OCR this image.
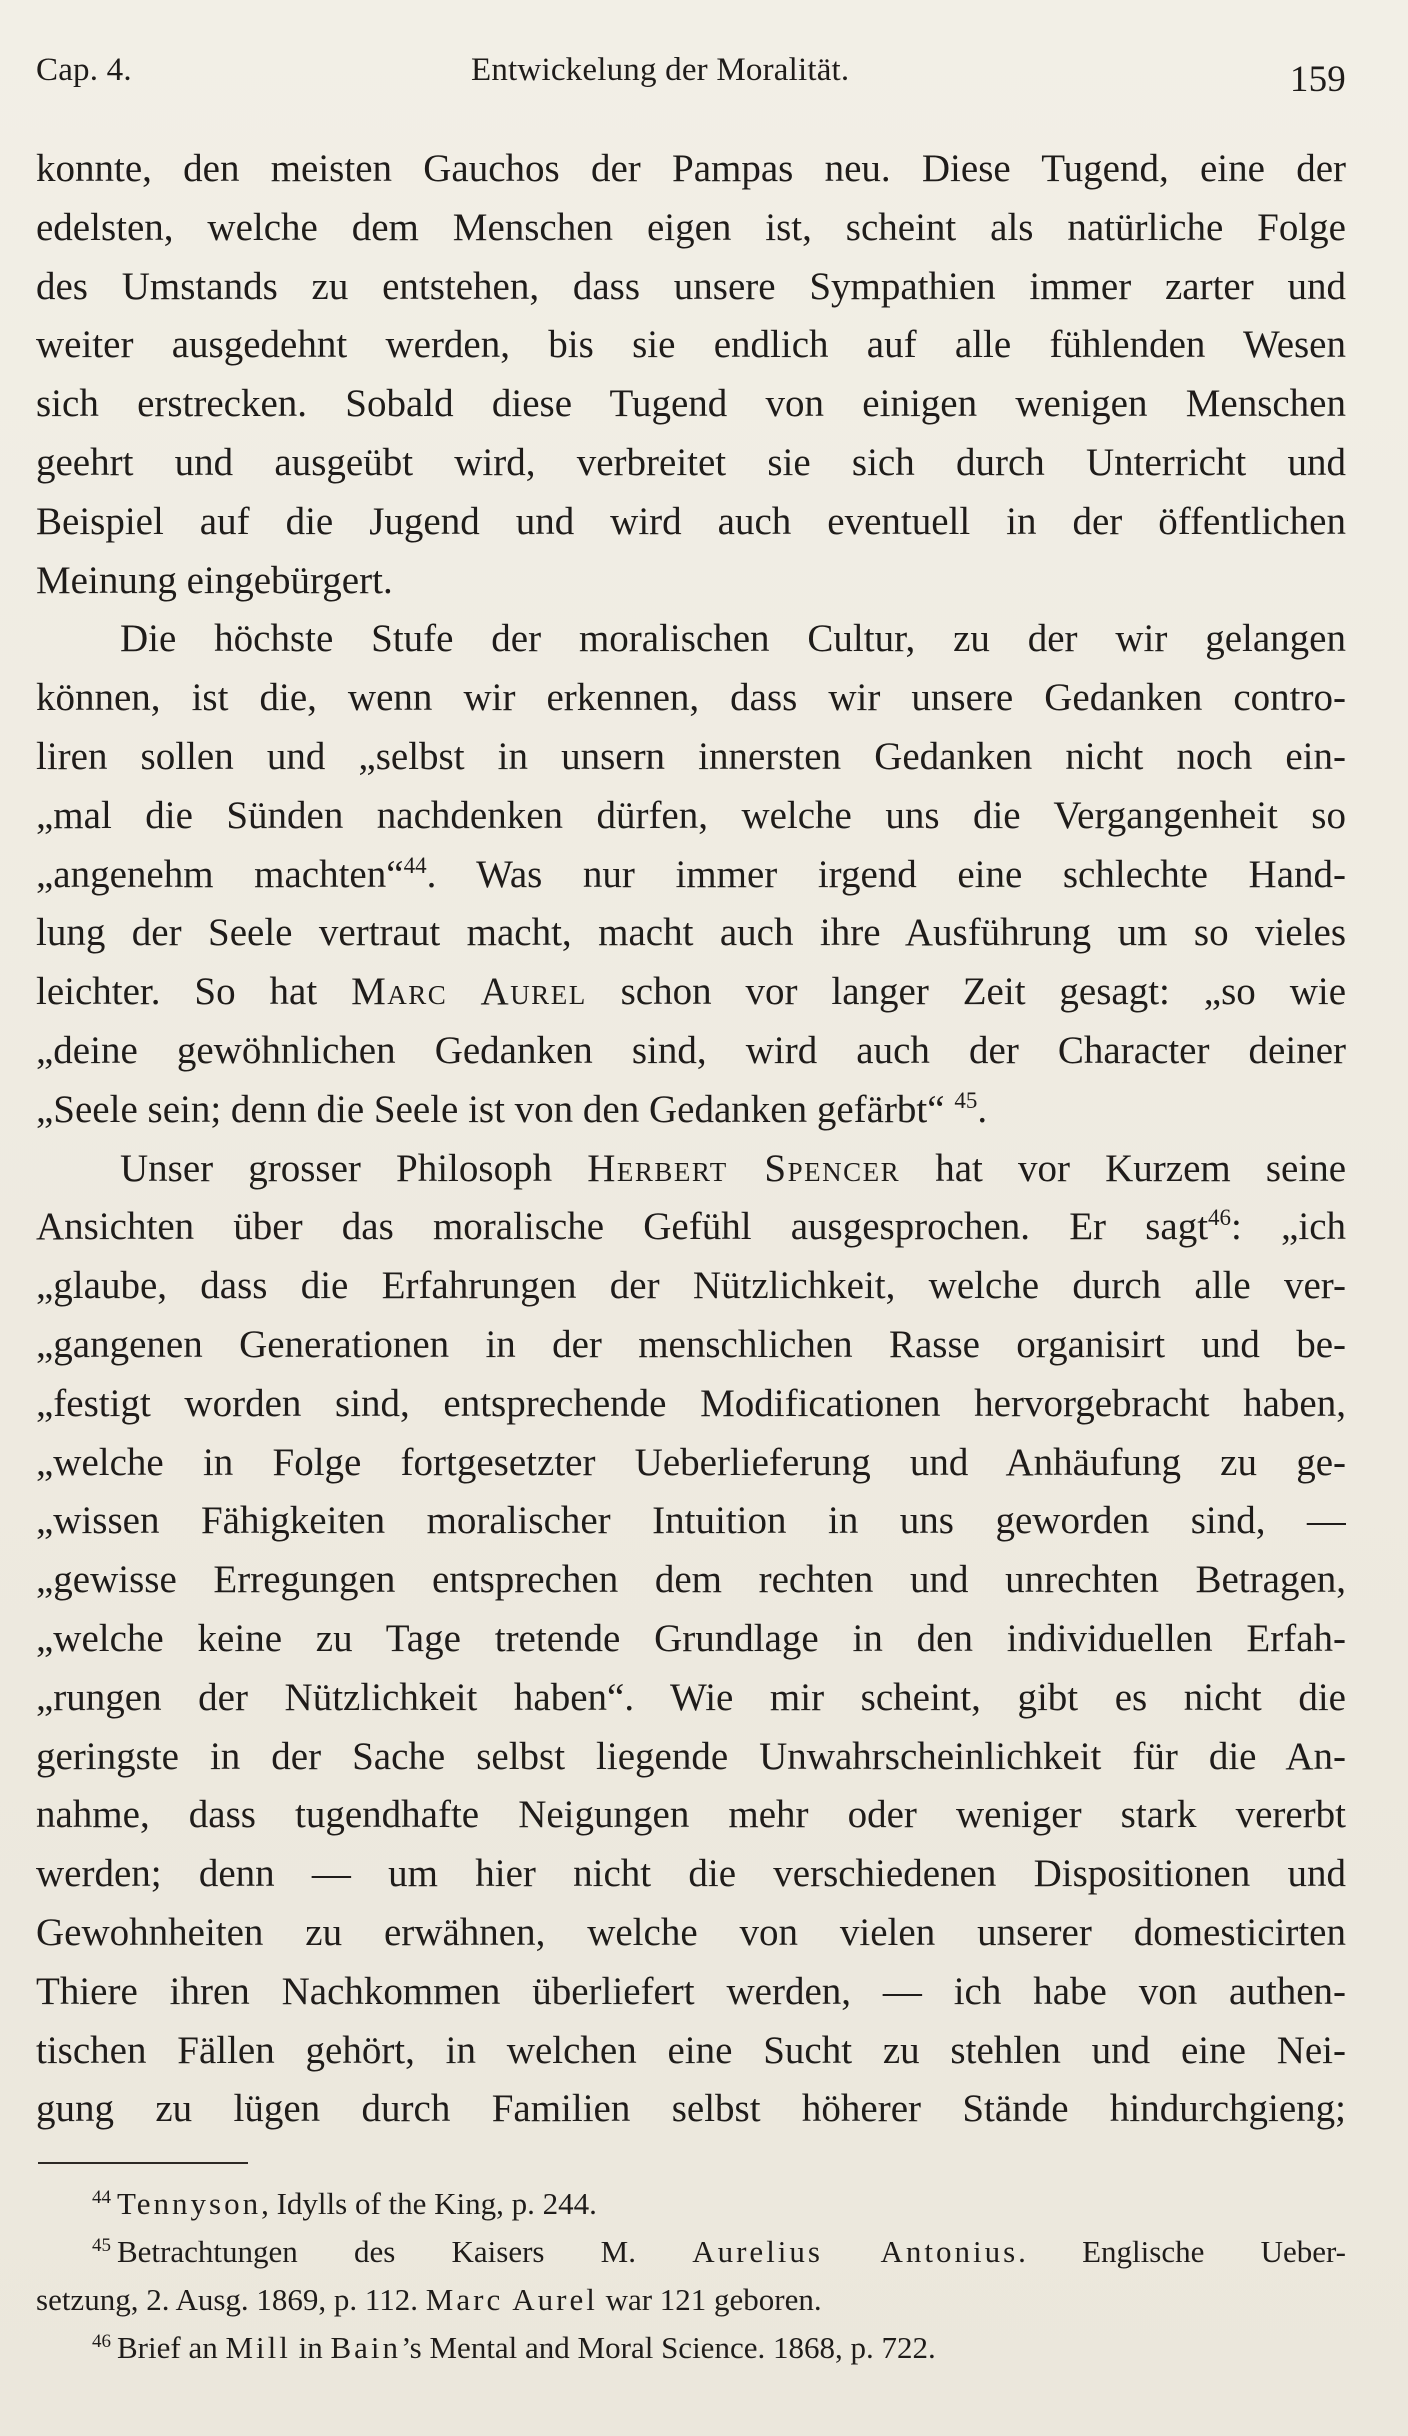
Cap. 4.	Entwickelung der Moralität.	159
konnte, den meisten Gauchos der Pampas neu. Diese Tugend, eine der
edelsten, welche dem Menschen eigen ist, scheint als natürliche Folge
des Umstands zu entstehen, dass unsere Sympathien immer zarter und
weiter ausgedehnt werden, bis sie endlich auf alle fühlenden Wesen
sich erstrecken. Sobald diese Tugend von einigen wenigen Menschen
geehrt und ausgeübt wird, verbreitet sie sich durch Unterricht und
Beispiel auf die Jugend und wird auch eventuell in der öffentlichen
Meinung eingebürgert.
Die höchste Stufe der moralischen Cultur, zu der wir gelangen
können, ist die, wenn wir erkennen, dass wir unsere Gedanken contro-
liren sollen und „selbst in unsern innersten Gedanken nicht noch ein-
„mal die Sünden nachdenken dürfen, welche uns die Vergangenheit so
„angenehm machten“$^{44}$. Was nur immer irgend eine schlechte Hand-
lung der Seele vertraut macht, macht auch ihre Ausführung um so vieles
leichter. So hat Marc Aurel schon vor langer Zeit gesagt: „so wie
„deine gewöhnlichen Gedanken sind, wird auch der Character deiner
„Seele sein; denn die Seele ist von den Gedanken gefärbt“ $^{45}$.
Unser grosser Philosoph Herbert Spencer hat vor Kurzem seine
Ansichten über das moralische Gefühl ausgesprochen. Er sagt$^{46}$: „ich
„glaube, dass die Erfahrungen der Nützlichkeit, welche durch alle ver-
„gangenen Generationen in der menschlichen Rasse organisirt und be-
„festigt worden sind, entsprechende Modificationen hervorgebracht haben,
„welche in Folge fortgesetzter Ueberlieferung und Anhäufung zu ge-
„wissen Fähigkeiten moralischer Intuition in uns geworden sind, —
„gewisse Erregungen entsprechen dem rechten und unrechten Betragen,
„welche keine zu Tage tretende Grundlage in den individuellen Erfah-
„rungen der Nützlichkeit haben“. Wie mir scheint, gibt es nicht die
geringste in der Sache selbst liegende Unwahrscheinlichkeit für die An-
nahme, dass tugendhafte Neigungen mehr oder weniger stark vererbt
werden; denn — um hier nicht die verschiedenen Dispositionen und
Gewohnheiten zu erwähnen, welche von vielen unserer domesticirten
Thiere ihren Nachkommen überliefert werden, — ich habe von authen-
tischen Fällen gehört, in welchen eine Sucht zu stehlen und eine Nei-
gung zu lügen durch Familien selbst höherer Stände hindurchgieng;
$^{44}$ Tennyson, Idylls of the King, p. 244.
$^{45}$ Betrachtungen des Kaisers M. Aurelius Antonius. Englische Ueber-
setzung, 2. Ausg. 1869, p. 112. Marc Aurel war 121 geboren.
$^{46}$ Brief an Mill in Bain’s Mental and Moral Science. 1868, p. 722.
